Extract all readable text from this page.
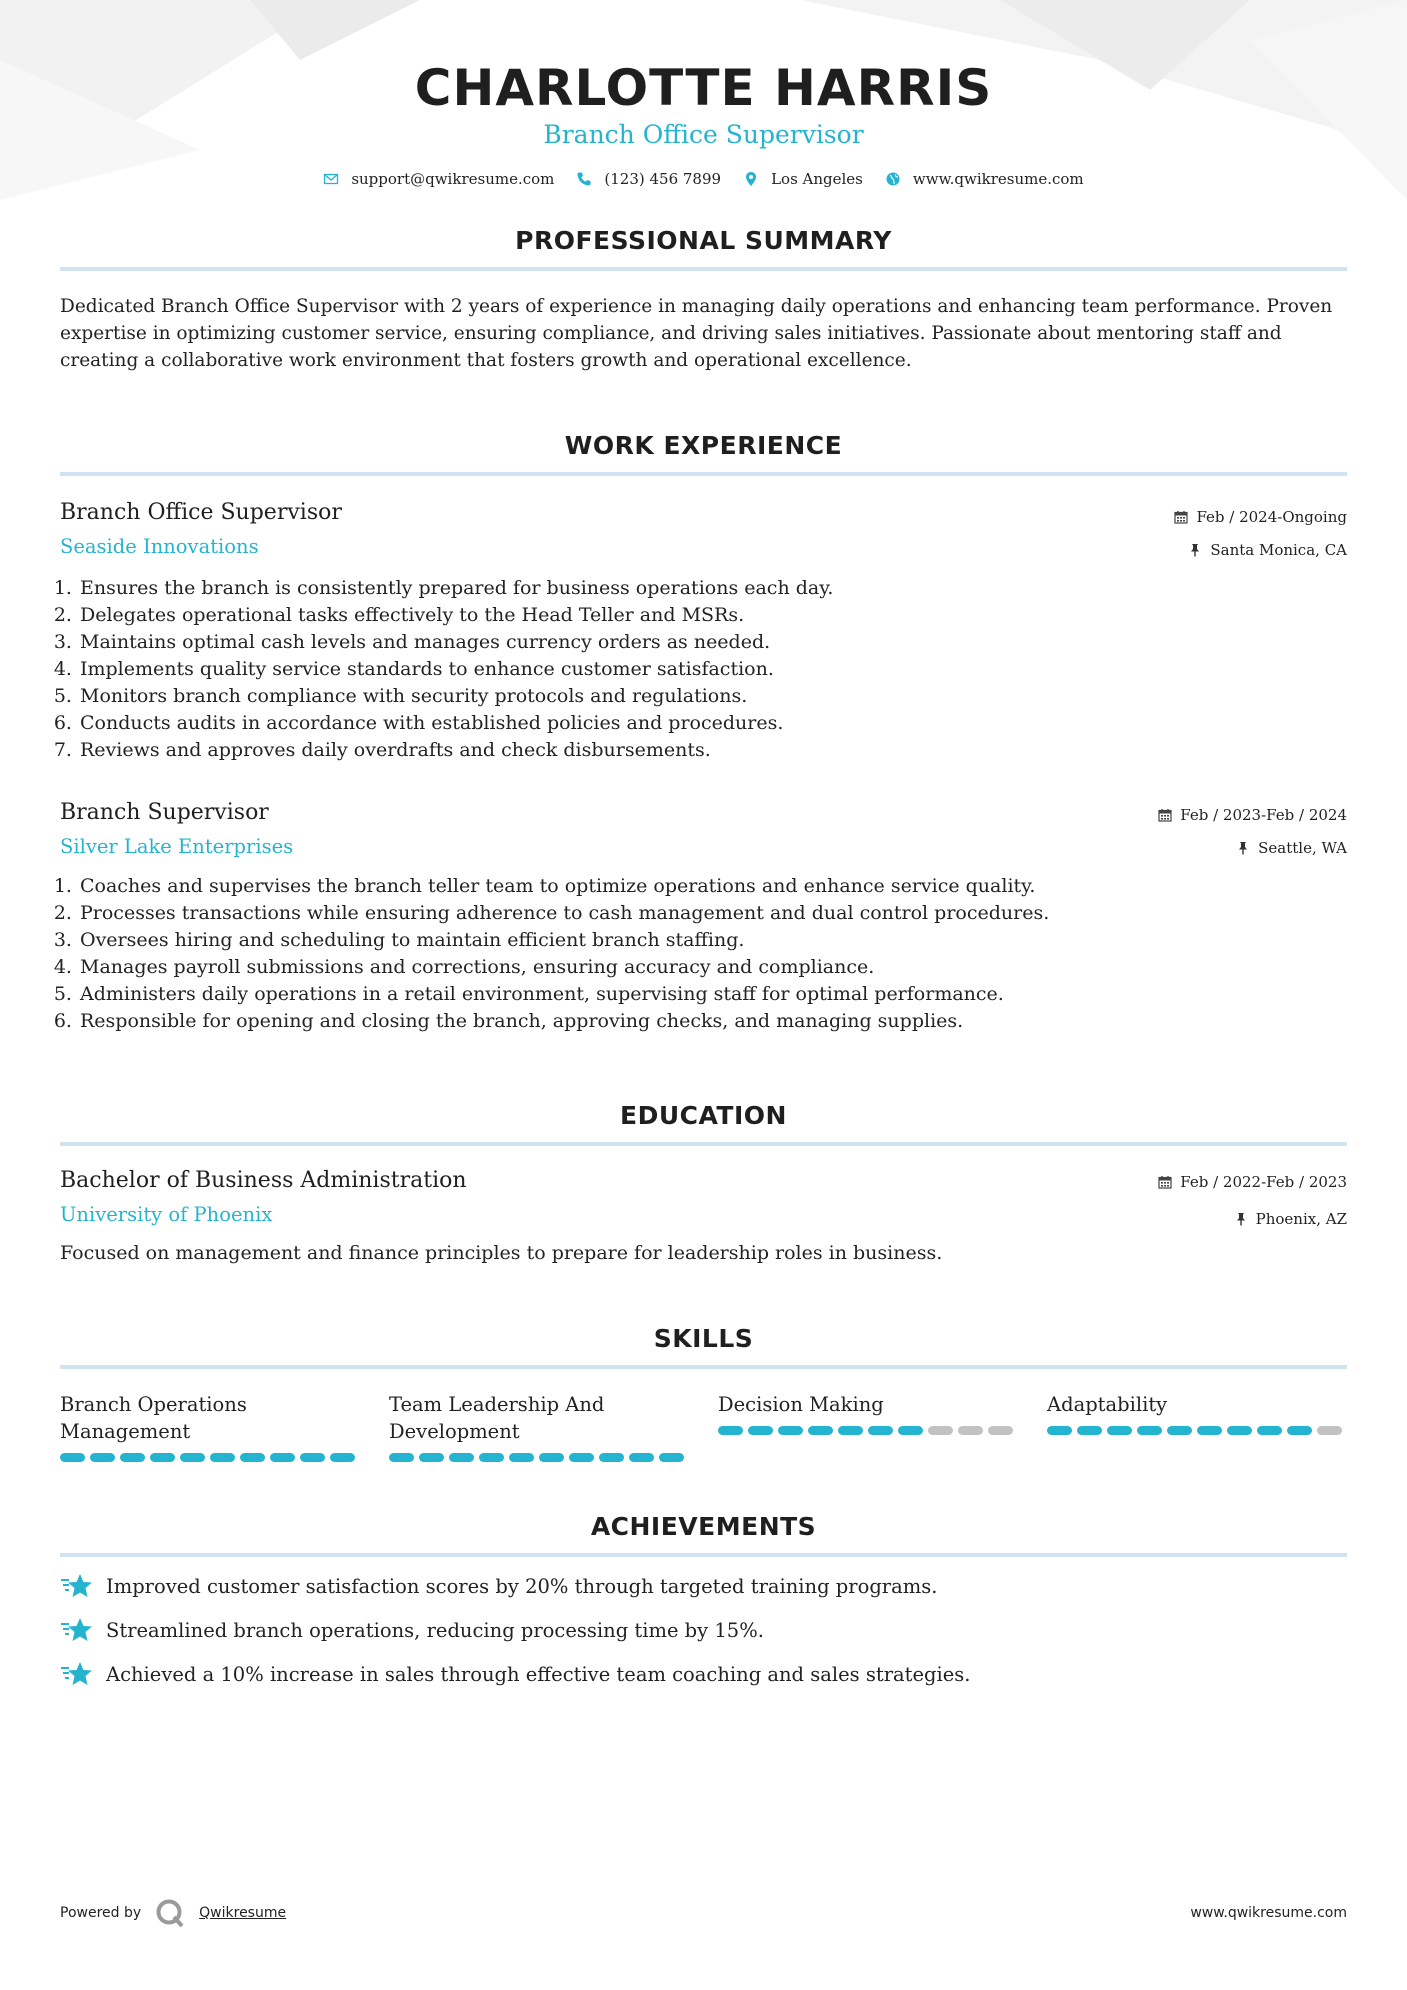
CHARLOTTE HARRIS
Branch Office Supervisor
support@qwikresume.com	(123) 456 7899	Los Angeles	www.qwikresume.com
PROFESSIONAL SUMMARY
Dedicated Branch Office Supervisor with 2 years of experience in managing daily operations and enhancing team performance. Proven expertise in optimizing customer service, ensuring compliance, and driving sales initiatives. Passionate about mentoring staff and creating a collaborative work environment that fosters growth and operational excellence.
WORK EXPERIENCE
Branch Office Supervisor
Seaside Innovations
Feb / 2024-Ongoing
Santa Monica, CA
1. Ensures the branch is consistently prepared for business operations each day.
2. Delegates operational tasks effectively to the Head Teller and MSRs.
3. Maintains optimal cash levels and manages currency orders as needed.
4. Implements quality service standards to enhance customer satisfaction.
5. Monitors branch compliance with security protocols and regulations.
6. Conducts audits in accordance with established policies and procedures.
7. Reviews and approves daily overdrafts and check disbursements.
Branch Supervisor
Silver Lake Enterprises
Feb / 2023-Feb / 2024
Seattle, WA
1. Coaches and supervises the branch teller team to optimize operations and enhance service quality.
2. Processes transactions while ensuring adherence to cash management and dual control procedures.
3. Oversees hiring and scheduling to maintain efficient branch staffing.
4. Manages payroll submissions and corrections, ensuring accuracy and compliance.
5. Administers daily operations in a retail environment, supervising staff for optimal performance.
6. Responsible for opening and closing the branch, approving checks, and managing supplies.
EDUCATION
Bachelor of Business Administration
University of Phoenix
Feb / 2022-Feb / 2023
Phoenix, AZ
Focused on management and finance principles to prepare for leadership roles in business.
SKILLS
Branch Operations Management
Team Leadership And Development
Decision Making	Adaptability
ACHIEVEMENTS
Improved customer satisfaction scores by 20% through targeted training programs.
Streamlined branch operations, reducing processing time by 15%.
Achieved a 10% increase in sales through effective team coaching and sales strategies.
Powered by	Qwikresume	www.qwikresume.com
